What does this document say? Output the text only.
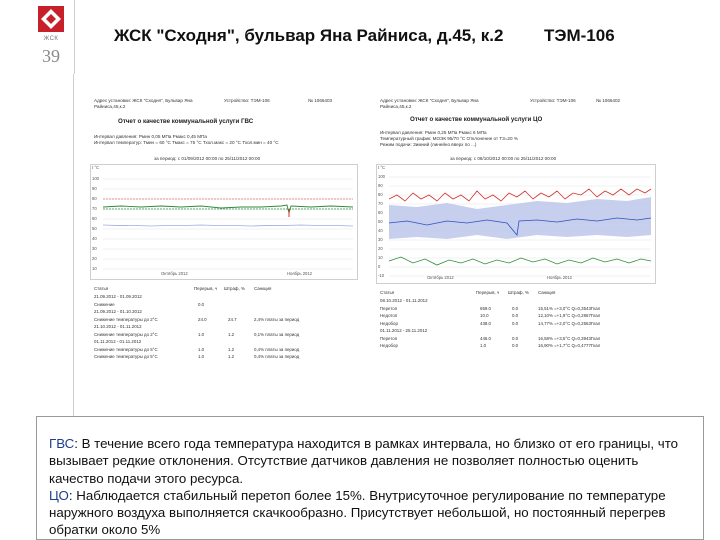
ЖСК
39
ЖСК "Сходня", бульвар Яна Райниса, д.45, к.2 ТЭМ-106
Адрес установки: ЖСК "Сходня", Бульвар Яна
Райниса,45,к.2
Устройство: ТЭМ-106	№ 1066403
Отчет о качестве коммунальной услуги ГВС
Интервал давления: Рмин 0,05 МПа Рмакс 0,45 МПа
Интервал температур: Тмин = 60 °С Тмакс = 75 °С Тхол.макс = 20 °С Тхол.мин = 40 °С
за период: с 01/09/2012 00:00 по 25/11/2012 00:00
t °С
100
90
80
70
60
50
40
30
20
10
Октябрь 2012	Ноябрь 2012
Статья	Перерыв, ч Штраф, % Санкция
21.09.2012 - 01.09.2012
Снижение	0.0
21.09.2012 - 01.10.2012
Снижение температуры до 2°С	24.0	24.7	2,4% платы за период
21.10.2012 - 01.11.2012
Снижение температуры до 2°С	1.0	1.2	0,1% платы за период
01.11.2012 - 01.11.2012
Снижение температуры до 5°С	1.0	1.2	0,4% платы за период
Снижение температуры до 5°С	1.0	1.2	0,4% платы за период
Адрес установки: ЖСК "Сходня", Бульвар Яна
Райниса,45,к.2
Устройство: ТЭМ-106	№ 1066402
Отчет о качестве коммунальной услуги ЦО
Интервал давления: Рмин 0,25 МПа Рмакс 6 МПа
Температурный график: МОЭК 95/70 °С Отклонение от T3=20 %
Режим подачи: Зимний (линейно вверх по ...)
за период: с 08/10/2012 00:00 по 25/11/2012 00:00
t °С
100
90
80
70
60
50
40
30
20
10
0
-10	Октябрь 2012	Ноябрь 2012
Статья	Перерыв, ч Штраф, % Санкция
08.10.2012 - 01.11.2012
Перетоп	659.0	0.0	15,51% =+3,0°С Q=0,3543Гкал
Недотоп	10.0	0.0	12,10% =+1,9°С Q=0,2867Гкал
Недобор	438.0	0.0	14,77% =+2,0°С Q=0,2563Гкал
01.11.2012 - 25.11.2012
Перетоп	446.0	0.0	16,58% =+3,5°С Q=0,3943Гкал
Недобор	1.0	0.0	16,90% =+1,7°С Q=0,4777Гкал

ГВС: В течение всего года температура находится в рамках интервала, но близко от его границы, что вызывает редкие отклонения. Отсутствие датчиков давления не позволяет полностью оценить качество подачи этого ресурса.

ЦО: Наблюдается стабильный перетоп более 15%. Внутрисуточное регулирование по температуре наружного воздуха выполняется скачкообразно. Присутствует небольшой, но постоянный перегрев обратки около 5%
